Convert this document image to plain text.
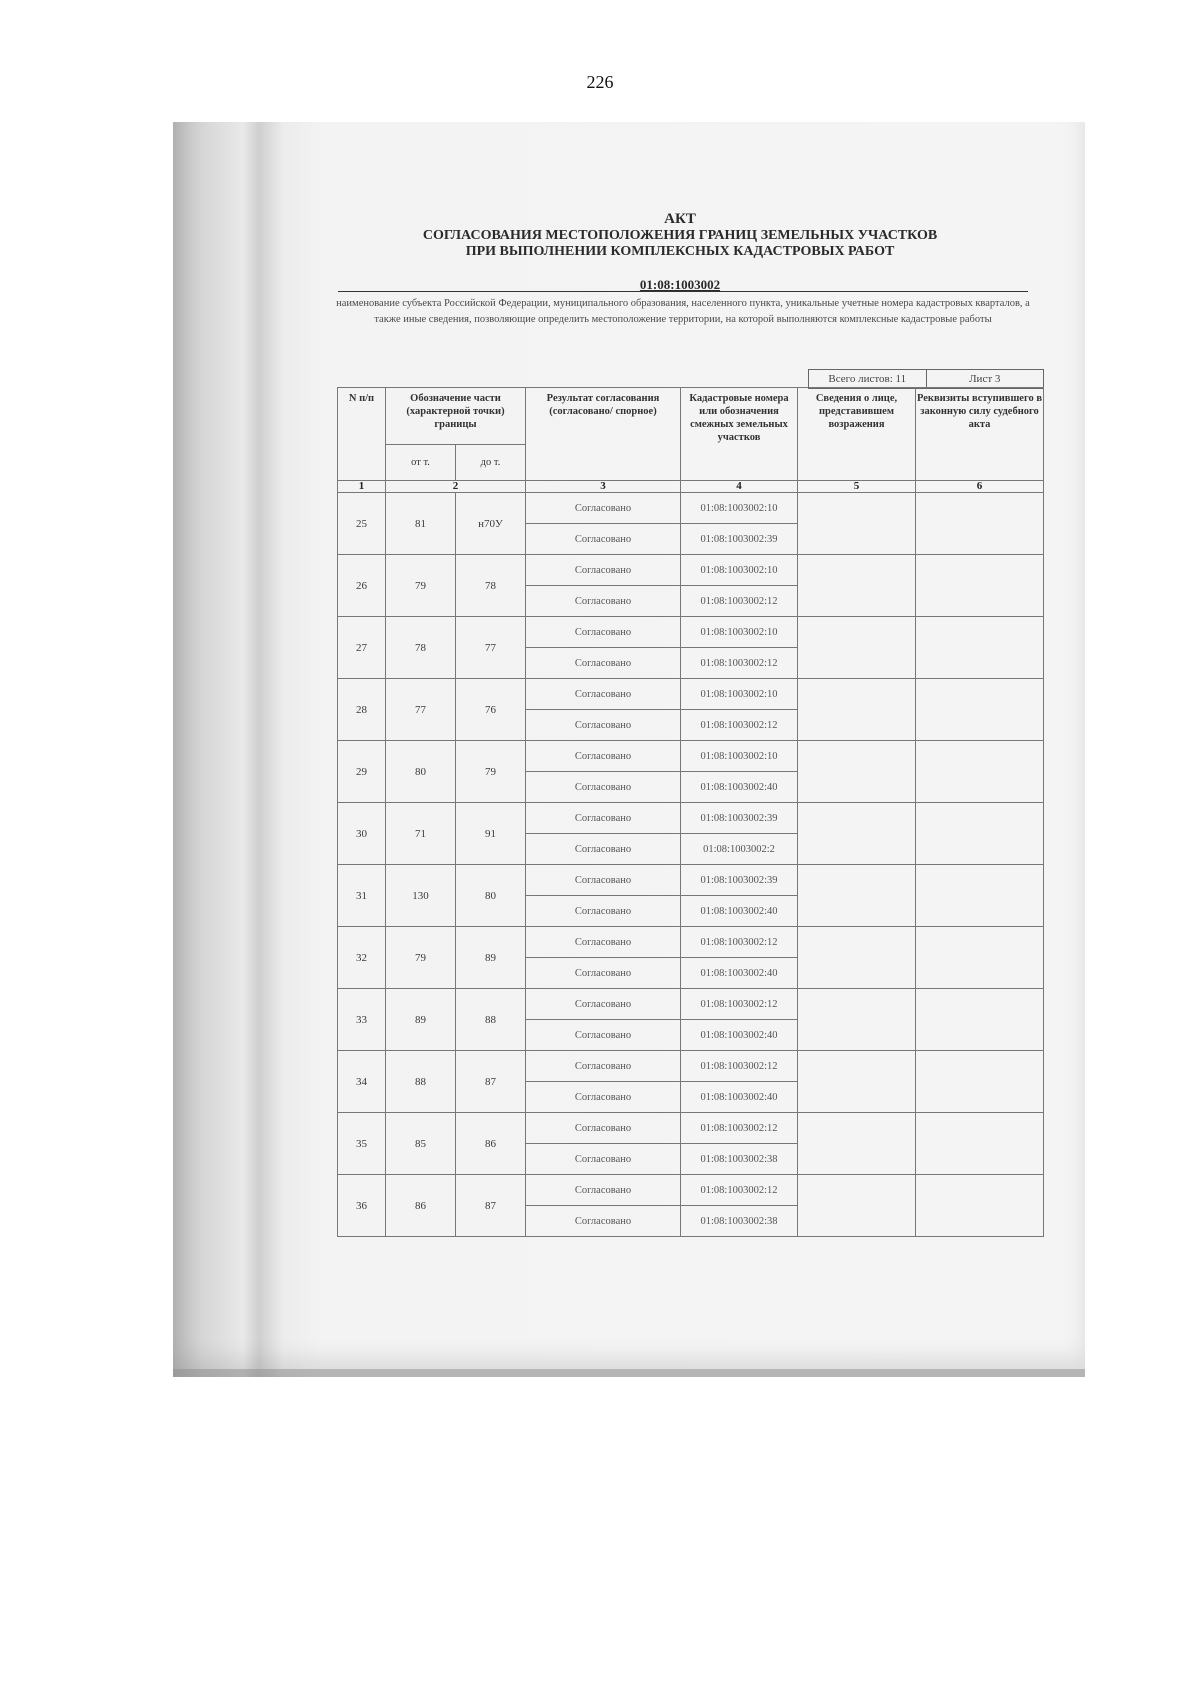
226
АКТ
СОГЛАСОВАНИЯ МЕСТОПОЛОЖЕНИЯ ГРАНИЦ ЗЕМЕЛЬНЫХ УЧАСТКОВ
ПРИ ВЫПОЛНЕНИИ КОМПЛЕКСНЫХ КАДАСТРОВЫХ РАБОТ
01:08:1003002
наименование субъекта Российской Федерации, муниципального образования, населенного пункта, уникальные учетные номера кадастровых кварталов, а также иные сведения, позволяющие определить местоположение территории, на которой выполняются комплексные кадастровые работы
Всего листов: 11	Лист 3
N п/п	Обозначение части (характерной точки) границы		Результат согласования (согласовано/ спорное)	Кадастровые номера или обозначения смежных земельных участков	Сведения о лице, представившем возражения	Реквизиты вступившего в законную силу судебного акта
	от т.	до т.				
1	2		3	4	5	6
25	81	н70У	Согласовано	01:08:1003002:10		
			Согласовано	01:08:1003002:39		
26	79	78	Согласовано	01:08:1003002:10		
			Согласовано	01:08:1003002:12		
27	78	77	Согласовано	01:08:1003002:10		
			Согласовано	01:08:1003002:12		
28	77	76	Согласовано	01:08:1003002:10		
			Согласовано	01:08:1003002:12		
29	80	79	Согласовано	01:08:1003002:10		
			Согласовано	01:08:1003002:40		
30	71	91	Согласовано	01:08:1003002:39		
			Согласовано	01:08:1003002:2		
31	130	80	Согласовано	01:08:1003002:39		
			Согласовано	01:08:1003002:40		
32	79	89	Согласовано	01:08:1003002:12		
			Согласовано	01:08:1003002:40		
33	89	88	Согласовано	01:08:1003002:12		
			Согласовано	01:08:1003002:40		
34	88	87	Согласовано	01:08:1003002:12		
			Согласовано	01:08:1003002:40		
35	85	86	Согласовано	01:08:1003002:12		
			Согласовано	01:08:1003002:38		
36	86	87	Согласовано	01:08:1003002:12		
			Согласовано	01:08:1003002:38		
